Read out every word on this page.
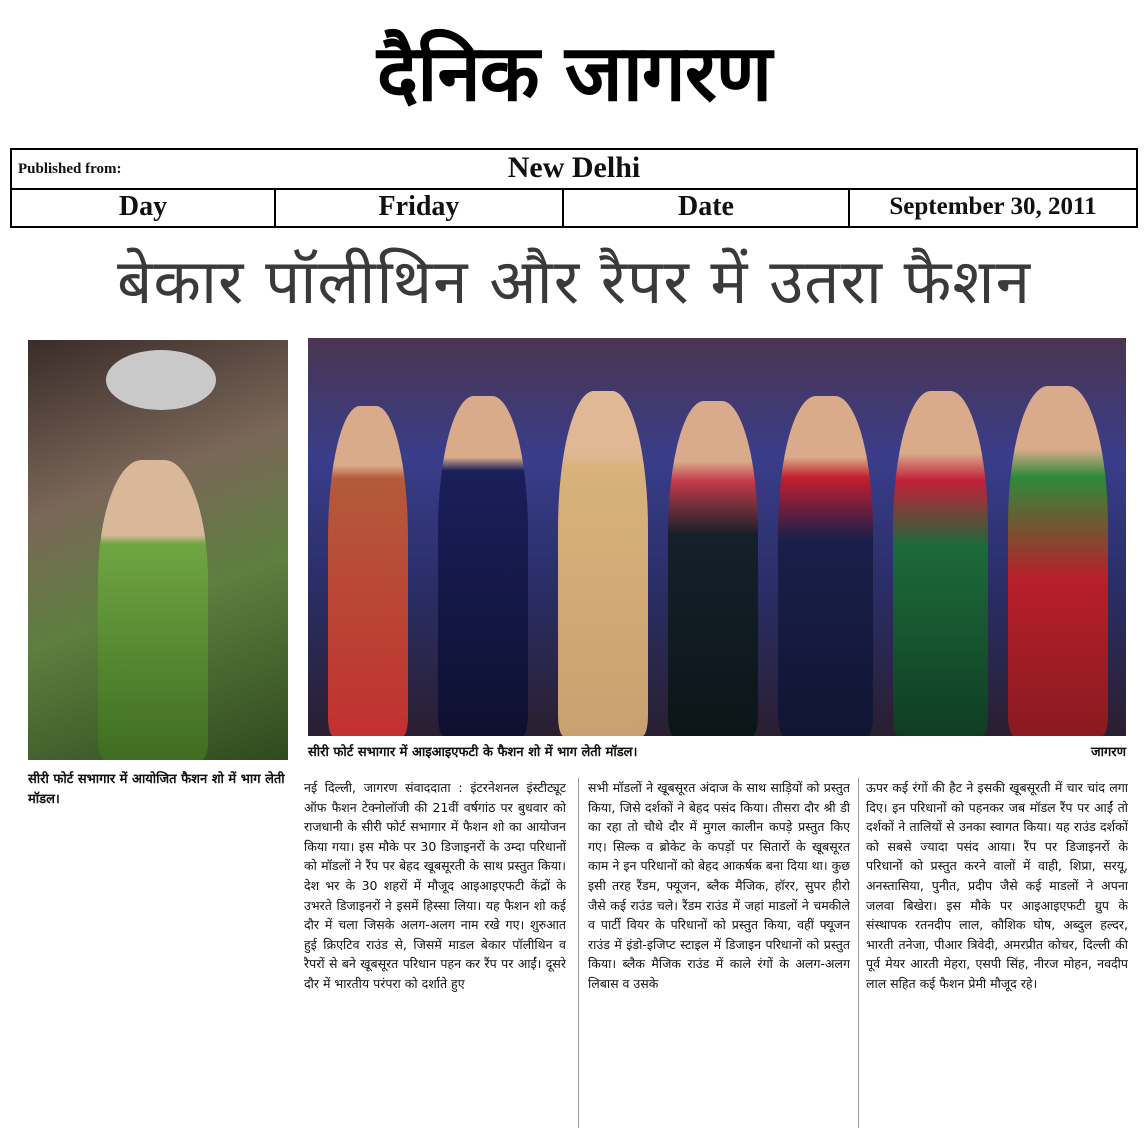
दैनिक जागरण
Published from:	New Delhi
Day	Friday	Date	September 30, 2011
बेकार पॉलीथिन और रैपर में उतरा फैशन
सीरी फोर्ट सभागार में आइआइएफटी के फैशन शो में भाग लेती मॉडल।	जागरण
सीरी फोर्ट सभागार में आयोजित फैशन शो में भाग लेती मॉडल।
नई दिल्ली, जागरण संवाददाता : इंटरनेशनल इंस्टीट्यूट ऑफ फैशन टेक्नोलॉजी की 21वीं वर्षगांठ पर बुधवार को राजधानी के सीरी फोर्ट सभागार में फैशन शो का आयोजन किया गया। इस मौके पर 30 डिजाइनरों के उम्दा परिधानों को मॉडलों ने रैंप पर बेहद खूबसूरती के साथ प्रस्तुत किया। देश भर के 30 शहरों में मौजूद आइआइएफटी केंद्रों के उभरते डिजाइनरों ने इसमें हिस्सा लिया। यह फैशन शो कई दौर में चला जिसके अलग-अलग नाम रखे गए। शुरुआत हुई क्रिएटिव राउंड से, जिसमें माडल बेकार पॉलीथिन व रैपरों से बने खूबसूरत परिधान पहन कर रैंप पर आईं। दूसरे दौर में भारतीय परंपरा को दर्शाते हुए
सभी मॉडलों ने खूबसूरत अंदाज के साथ साड़ियों को प्रस्तुत किया, जिसे दर्शकों ने बेहद पसंद किया। तीसरा दौर श्री डी का रहा तो चौथे दौर में मुगल कालीन कपड़े प्रस्तुत किए गए। सिल्क व ब्रोकेट के कपड़ों पर सितारों के खूबसूरत काम ने इन परिधानों को बेहद आकर्षक बना दिया था। कुछ इसी तरह रैंडम, फ्यूजन, ब्लैक मैजिक, हॉरर, सुपर हीरो जैसे कई राउंड चले। रैंडम राउंड में जहां माडलों ने चमकीले व पार्टी वियर के परिधानों को प्रस्तुत किया, वहीं फ्यूजन राउंड में इंडो-इजिप्ट स्टाइल में डिजाइन परिधानों को प्रस्तुत किया। ब्लैक मैजिक राउंड में काले रंगों के अलग-अलग लिबास व उसके
ऊपर कई रंगों की हैट ने इसकी खूबसूरती में चार चांद लगा दिए। इन परिधानों को पहनकर जब मॉडल रैंप पर आईं तो दर्शकों ने तालियों से उनका स्वागत किया। यह राउंड दर्शकों को सबसे ज्यादा पसंद आया। रैंप पर डिजाइनरों के परिधानों को प्रस्तुत करने वालों में वाही, शिप्रा, सरयू, अनस्तासिया, पुनीत, प्रदीप जैसे कई माडलों ने अपना जलवा बिखेरा। इस मौके पर आइआइएफटी ग्रुप के संस्थापक रतनदीप लाल, कौशिक घोष, अब्दुल हल्दर, भारती तनेजा, पीआर त्रिवेदी, अमरप्रीत कोचर, दिल्ली की पूर्व मेयर आरती मेहरा, एसपी सिंह, नीरज मोहन, नवदीप लाल सहित कई फैशन प्रेमी मौजूद रहे।
